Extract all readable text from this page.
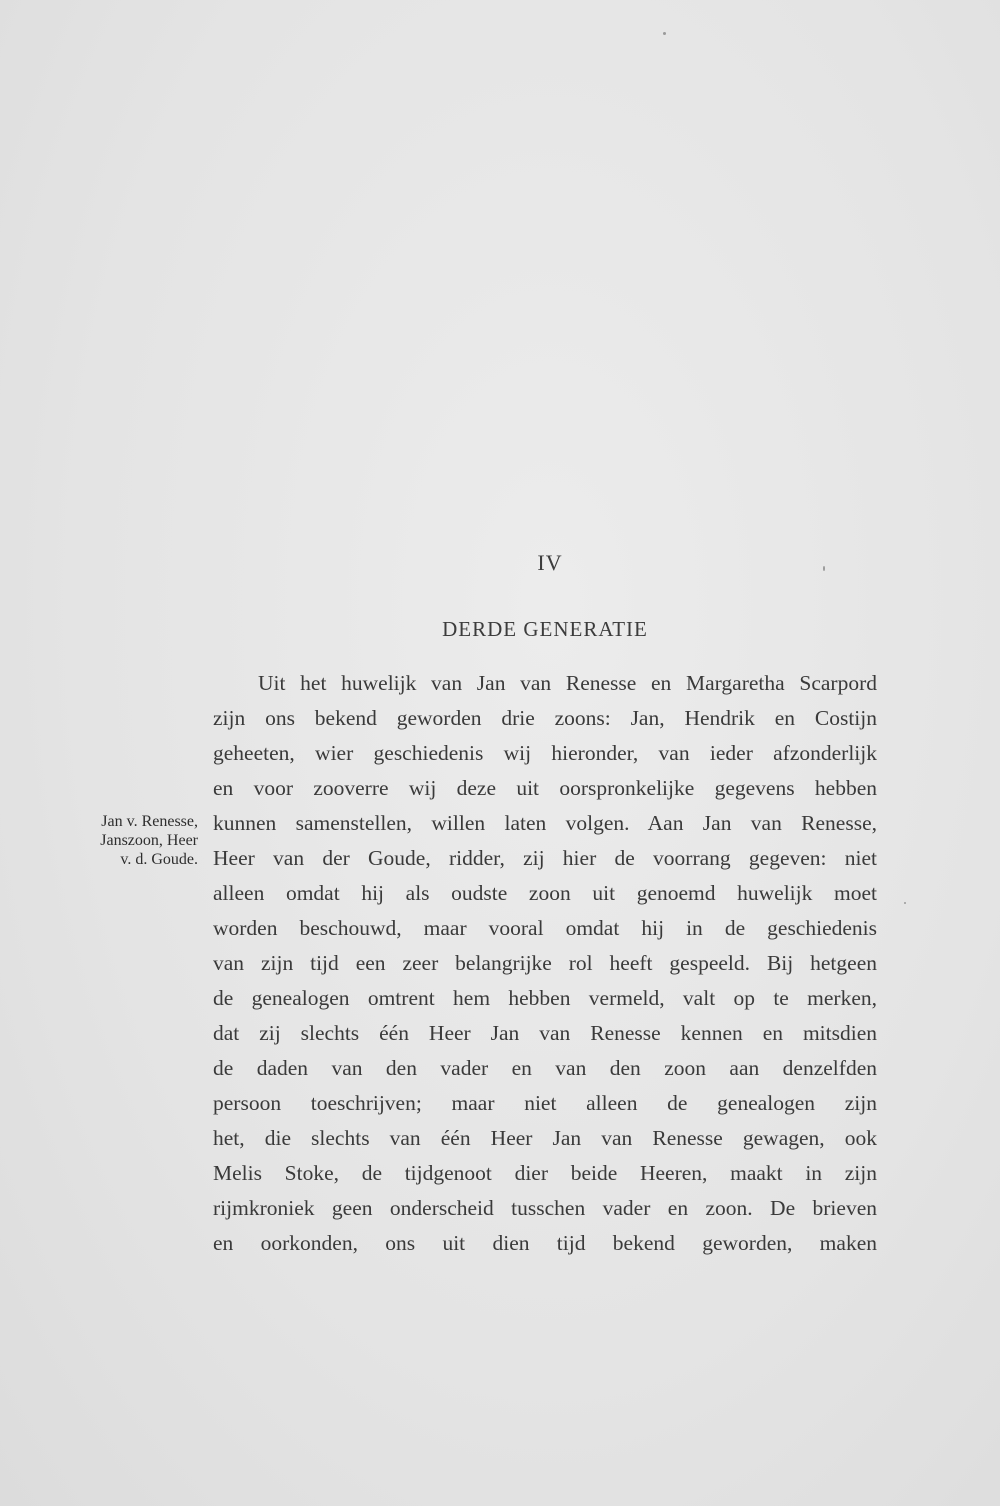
IV
DERDE GENERATIE
Jan v. Renesse,
Janszoon, Heer
v. d. Goude.
Uit het huwelijk van Jan van Renesse en Margaretha Scarpord
zijn ons bekend geworden drie zoons: Jan, Hendrik en Costijn
geheeten, wier geschiedenis wij hieronder, van ieder afzonderlijk
en voor zooverre wij deze uit oorspronkelijke gegevens hebben
kunnen samenstellen, willen laten volgen. Aan Jan van Renesse,
Heer van der Goude, ridder, zij hier de voorrang gegeven: niet
alleen omdat hij als oudste zoon uit genoemd huwelijk moet
worden beschouwd, maar vooral omdat hij in de geschiedenis
van zijn tijd een zeer belangrijke rol heeft gespeeld. Bij hetgeen
de genealogen omtrent hem hebben vermeld, valt op te merken,
dat zij slechts één Heer Jan van Renesse kennen en mitsdien
de daden van den vader en van den zoon aan denzelfden
persoon toeschrijven; maar niet alleen de genealogen zijn
het, die slechts van één Heer Jan van Renesse gewagen, ook
Melis Stoke, de tijdgenoot dier beide Heeren, maakt in zijn
rijmkroniek geen onderscheid tusschen vader en zoon. De brieven
en oorkonden, ons uit dien tijd bekend geworden, maken
